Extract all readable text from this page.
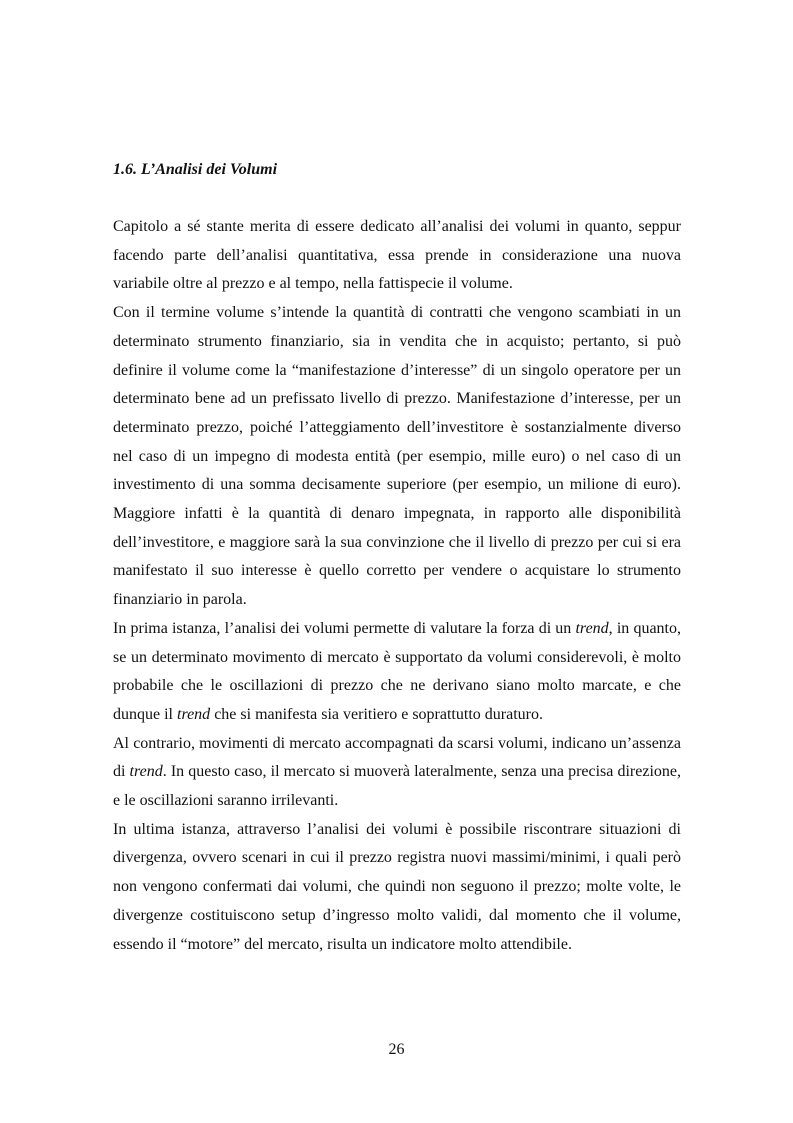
1.6. L’Analisi dei Volumi

Capitolo a sé stante merita di essere dedicato all’analisi dei volumi in quanto, seppur facendo parte dell’analisi quantitativa, essa prende in considerazione una nuova variabile oltre al prezzo e al tempo, nella fattispecie il volume.

Con il termine volume s’intende la quantità di contratti che vengono scambiati in un determinato strumento finanziario, sia in vendita che in acquisto; pertanto, si può definire il volume come la “manifestazione d’interesse” di un singolo operatore per un determinato bene ad un prefissato livello di prezzo. Manifestazione d’interesse, per un determinato prezzo, poiché l’atteggiamento dell’investitore è sostanzialmente diverso nel caso di un impegno di modesta entità (per esempio, mille euro) o nel caso di un investimento di una somma decisamente superiore (per esempio, un milione di euro). Maggiore infatti è la quantità di denaro impegnata, in rapporto alle disponibilità dell’investitore, e maggiore sarà la sua convinzione che il livello di prezzo per cui si era manifestato il suo interesse è quello corretto per vendere o acquistare lo strumento finanziario in parola.

In prima istanza, l’analisi dei volumi permette di valutare la forza di un trend, in quanto, se un determinato movimento di mercato è supportato da volumi considerevoli, è molto probabile che le oscillazioni di prezzo che ne derivano siano molto marcate, e che dunque il trend che si manifesta sia veritiero e soprattutto duraturo.

Al contrario, movimenti di mercato accompagnati da scarsi volumi, indicano un’assenza di trend. In questo caso, il mercato si muoverà lateralmente, senza una precisa direzione, e le oscillazioni saranno irrilevanti.

In ultima istanza, attraverso l’analisi dei volumi è possibile riscontrare situazioni di divergenza, ovvero scenari in cui il prezzo registra nuovi massimi/minimi, i quali però non vengono confermati dai volumi, che quindi non seguono il prezzo; molte volte, le divergenze costituiscono setup d’ingresso molto validi, dal momento che il volume, essendo il “motore” del mercato, risulta un indicatore molto attendibile.

26
